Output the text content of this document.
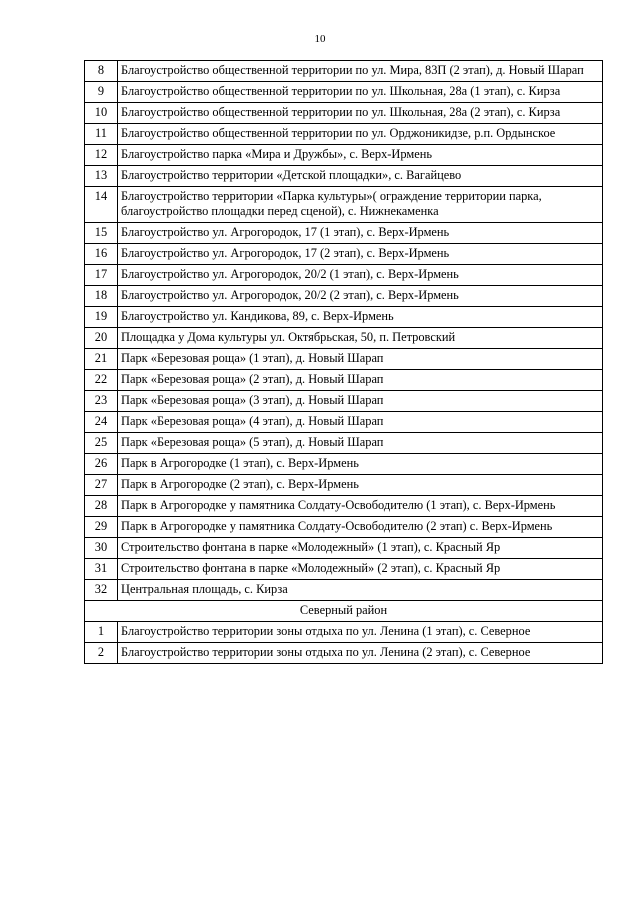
10
8	Благоустройство общественной территории по ул. Мира, 83П (2 этап), д. Новый Шарап
9	Благоустройство общественной территории по ул. Школьная, 28а (1 этап), с. Кирза
10	Благоустройство общественной территории по ул. Школьная, 28а (2 этап), с. Кирза
11	Благоустройство общественной территории по ул. Орджоникидзе, р.п. Ордынское
12	Благоустройство парка «Мира и Дружбы», с. Верх-Ирмень
13	Благоустройство территории «Детской площадки», с. Вагайцево
14	Благоустройство территории «Парка культуры»( ограждение территории парка, благоустройство площадки перед сценой), с. Нижнекаменка
15	Благоустройство ул. Агрогородок, 17 (1 этап), с. Верх-Ирмень
16	Благоустройство ул. Агрогородок, 17 (2 этап), с. Верх-Ирмень
17	Благоустройство ул. Агрогородок, 20/2 (1 этап), с. Верх-Ирмень
18	Благоустройство ул. Агрогородок, 20/2 (2 этап), с. Верх-Ирмень
19	Благоустройство ул. Кандикова, 89, с. Верх-Ирмень
20	Площадка у Дома культуры ул. Октябрьская, 50, п. Петровский
21	Парк «Березовая роща» (1 этап), д. Новый Шарап
22	Парк «Березовая роща» (2 этап), д. Новый Шарап
23	Парк «Березовая роща» (3 этап), д. Новый Шарап
24	Парк «Березовая роща» (4 этап), д. Новый Шарап
25	Парк «Березовая роща» (5 этап), д. Новый Шарап
26	Парк в Агрогородке (1 этап), с. Верх-Ирмень
27	Парк в Агрогородке (2 этап), с. Верх-Ирмень
28	Парк в Агрогородке у памятника Солдату-Освободителю (1 этап), с. Верх-Ирмень
29	Парк в Агрогородке у памятника Солдату-Освободителю (2 этап) с. Верх-Ирмень
30	Строительство фонтана в парке «Молодежный» (1 этап), с. Красный Яр
31	Строительство фонтана в парке «Молодежный» (2 этап), с. Красный Яр
32	Центральная площадь, с. Кирза
Северный район	
1	Благоустройство территории зоны отдыха по ул. Ленина (1 этап), с. Северное
2	Благоустройство территории зоны отдыха по ул. Ленина (2 этап), с. Северное
